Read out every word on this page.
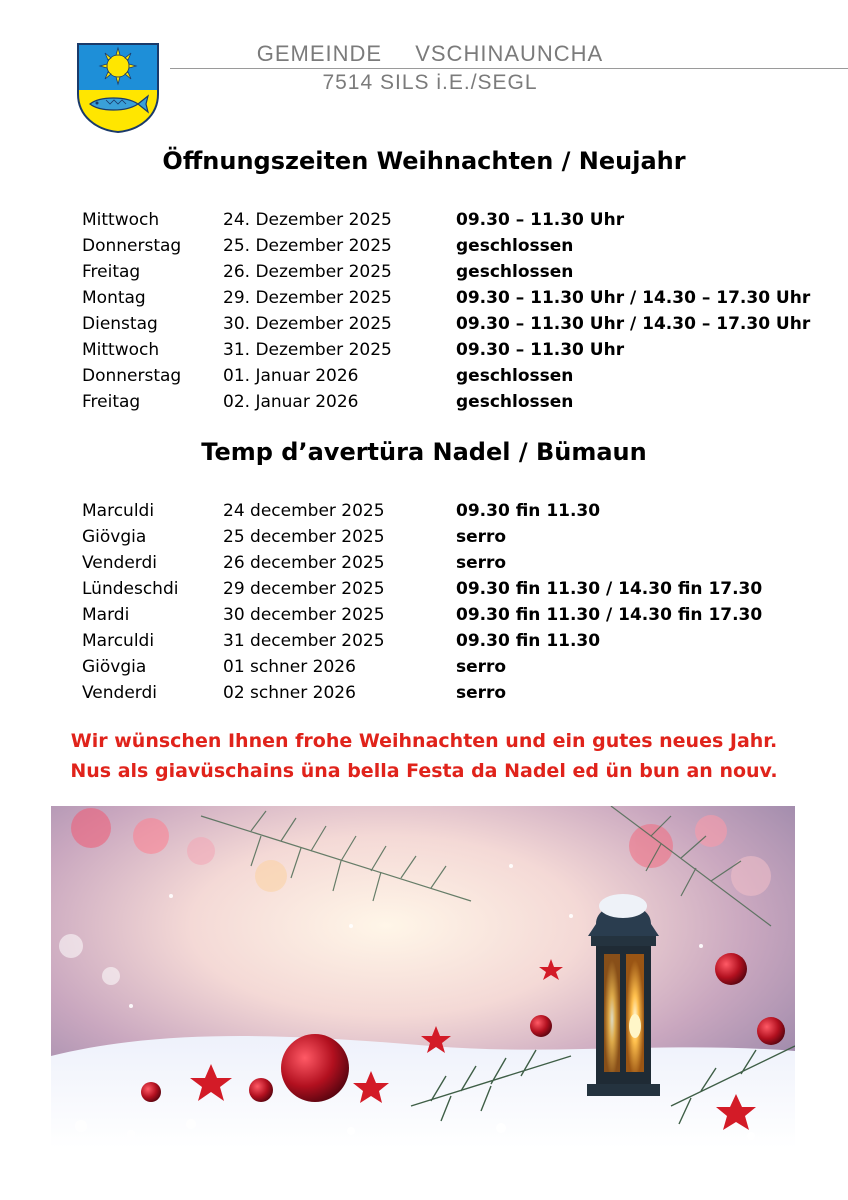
GEMEINDE VSCHINAUNCHA
7514 SILS i.E./SEGL
Öffnungszeiten Weihnachten / Neujahr
Mittwoch	24. Dezember 2025	09.30 – 11.30 Uhr
Donnerstag 25. Dezember 2025	geschlossen
Freitag	26. Dezember 2025	geschlossen
Montag	29. Dezember 2025	09.30 – 11.30 Uhr / 14.30 – 17.30 Uhr
Dienstag	30. Dezember 2025	09.30 – 11.30 Uhr / 14.30 – 17.30 Uhr
Mittwoch	31. Dezember 2025	09.30 – 11.30 Uhr
Donnerstag 01. Januar 2026	geschlossen
Freitag	02. Januar 2026	geschlossen
Temp d’avertüra Nadel / Bümaun
Marculdi	24 december 2025	09.30 fin 11.30
Giövgia	25 december 2025	serro
Venderdi	26 december 2025	serro
Lündeschdi	29 december 2025	09.30 fin 11.30 / 14.30 fin 17.30
Mardi	30 december 2025	09.30 fin 11.30 / 14.30 fin 17.30
Marculdi	31 december 2025	09.30 fin 11.30
Giövgia	01 schner 2026	serro
Venderdi	02 schner 2026	serro
Wir wünschen Ihnen frohe Weihnachten und ein gutes neues Jahr.
Nus als giavüschains üna bella Festa da Nadel ed ün bun an nouv.
